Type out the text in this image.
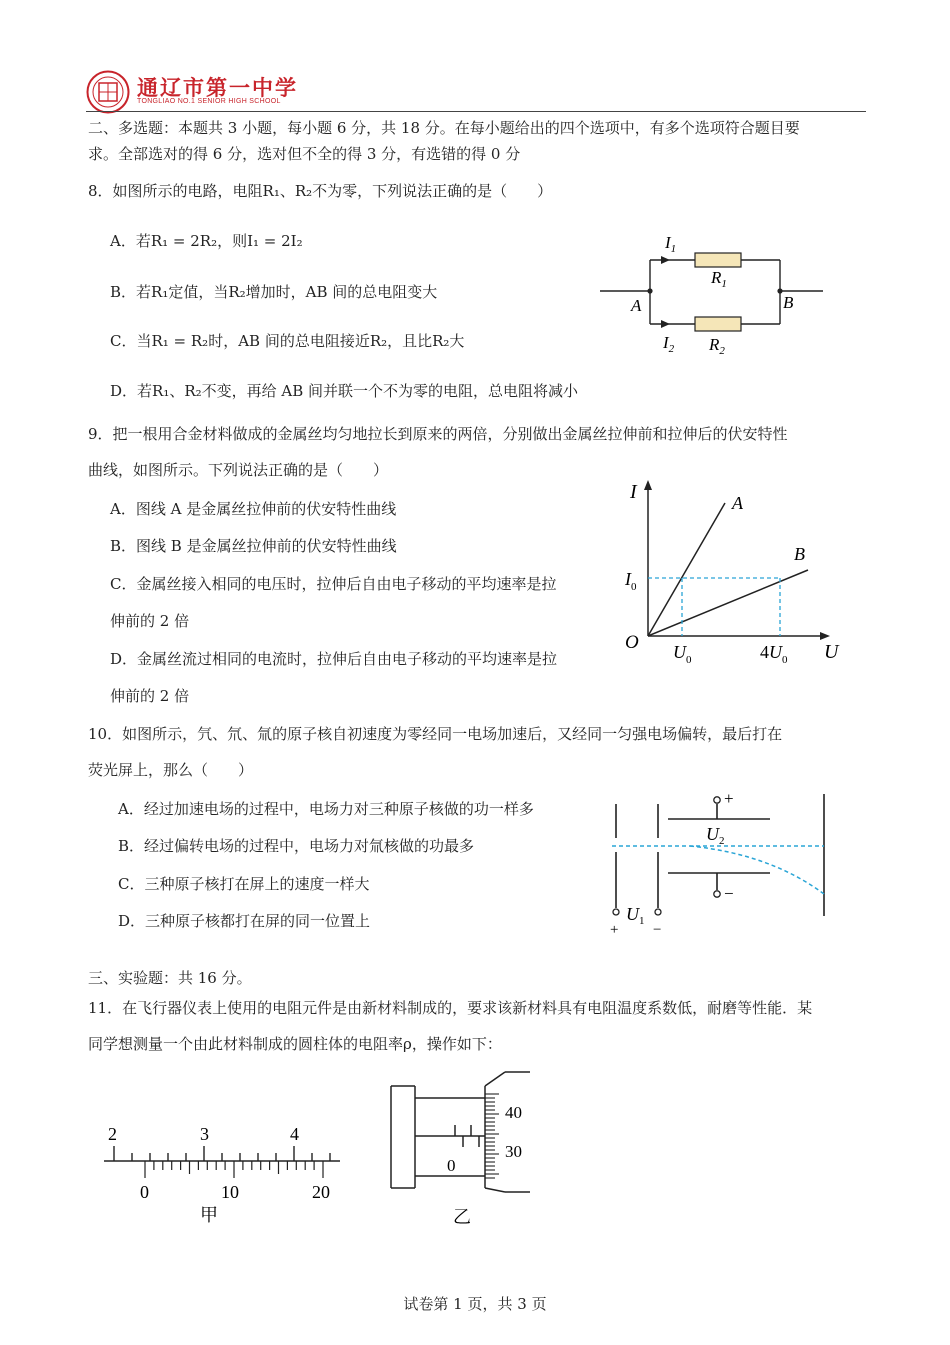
通辽市第一中学
TONGLIAO NO.1 SENIOR HIGH SCHOOL
二、多选题：本题共 3 小题，每小题 6 分，共 18 分。在每小题给出的四个选项中，有多个选项符合题目要
求。全部选对的得 6 分，选对但不全的得 3 分，有选错的得 0 分
8．如图所示的电路，电阻R₁、R₂不为零，下列说法正确的是（　　）
A．若R₁ = 2R₂，则I₁ = 2I₂
B．若R₁定值，当R₂增加时，AB 间的总电阻变大
C．当R₁ = R₂时，AB 间的总电阻接近R₂，且比R₂大
D．若R₁、R₂不变，再给 AB 间并联一个不为零的电阻，总电阻将减小
$I_1$
$R_1$
$I_2$ $R_2$
A	B
9．把一根用合金材料做成的金属丝均匀地拉长到原来的两倍，分别做出金属丝拉伸前和拉伸后的伏安特性
曲线，如图所示。下列说法正确的是（　　）
A．图线 A 是金属丝拉伸前的伏安特性曲线
B．图线 B 是金属丝拉伸前的伏安特性曲线
C．金属丝接入相同的电压时，拉伸后自由电子移动的平均速率是拉
伸前的 2 倍
D．金属丝流过相同的电流时，拉伸后自由电子移动的平均速率是拉
伸前的 2 倍
I
U
O
A
B
$I_0$
$U_0$	$4U_0$
10．如图所示，氕、氘、氚的原子核自初速度为零经同一电场加速后，又经同一匀强电场偏转，最后打在
荧光屏上，那么（　　）
A．经过加速电场的过程中，电场力对三种原子核做的功一样多
B．经过偏转电场的过程中，电场力对氚核做的功最多
C．三种原子核打在屏上的速度一样大
D．三种原子核都打在屏的同一位置上
+
−
$U_2$
$U_1$
+ −
三、实验题：共 16 分。
11．在飞行器仪表上使用的电阻元件是由新材料制成的，要求该新材料具有电阻温度系数低，耐磨等性能．某
同学想测量一个由此材料制成的圆柱体的电阻率ρ，操作如下：
2	3	4
0	10	20
甲
40
30
0
乙
试卷第 1 页，共 3 页
